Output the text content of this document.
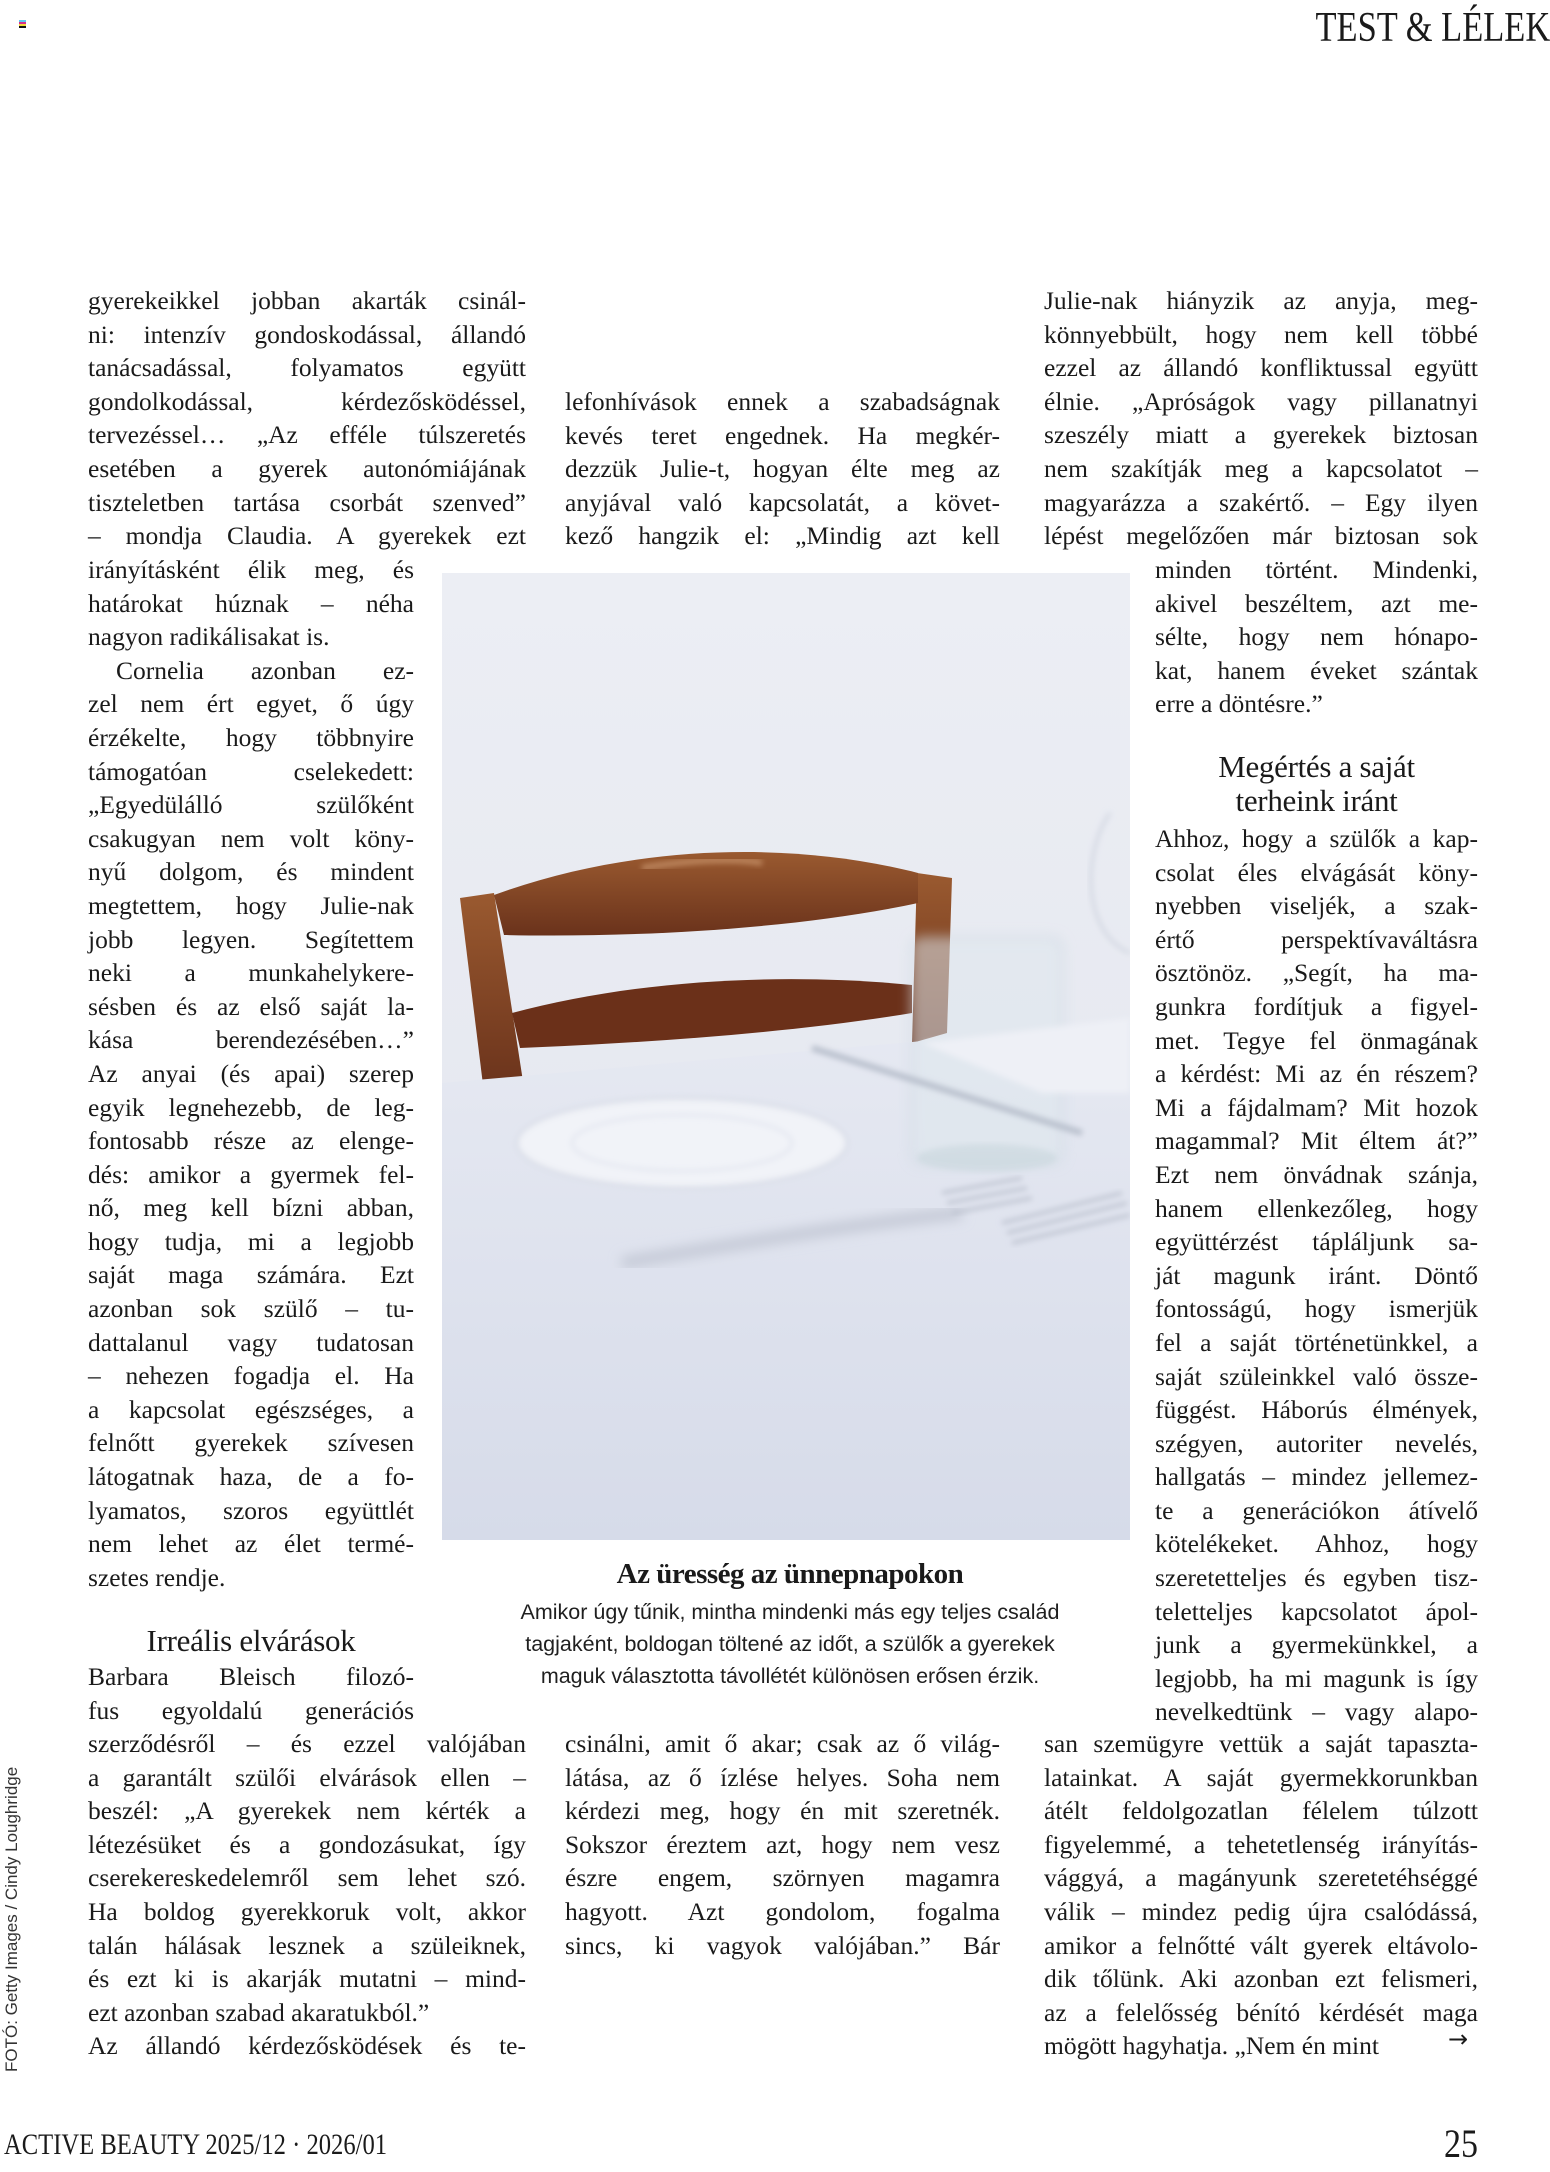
TEST & LÉLEK
gyerekeikkel jobban akarták csinál-
ni: intenzív gondoskodással, állandó
tanácsadással, folyamatos együtt
gondolkodással, kérdezősködéssel,
tervezéssel… „Az efféle túlszeretés
esetében a gyerek autonómiájának
tiszteletben tartása csorbát szenved”
– mondja Claudia. A gyerekek ezt
irányításként élik meg, és
határokat húznak – néha
nagyon radikálisakat is.
Cornelia azonban ez-
zel nem ért egyet, ő úgy
érzékelte, hogy többnyire
támogatóan cselekedett:
„Egyedülálló szülőként
csakugyan nem volt köny-
nyű dolgom, és mindent
megtettem, hogy Julie-nak
jobb legyen. Segítettem
neki a munkahelykere-
sésben és az első saját la-
kása berendezésében…”
Az anyai (és apai) szerep
egyik legnehezebb, de leg-
fontosabb része az elenge-
dés: amikor a gyermek fel-
nő, meg kell bízni abban,
hogy tudja, mi a legjobb
saját maga számára. Ezt
azonban sok szülő – tu-
dattalanul vagy tudatosan
– nehezen fogadja el. Ha
a kapcsolat egészséges, a
felnőtt gyerekek szívesen
látogatnak haza, de a fo-
lyamatos, szoros együttlét
nem lehet az élet termé-
szetes rendje.
Irreális elvárások
Barbara Bleisch filozó-
fus egyoldalú generációs
szerződésről – és ezzel valójában
a garantált szülői elvárások ellen –
beszél: „A gyerekek nem kérték a
létezésüket és a gondozásukat, így
cserekereskedelemről sem lehet szó.
Ha boldog gyerekkoruk volt, akkor
talán hálásak lesznek a szüleiknek,
és ezt ki is akarják mutatni – mind-
ezt azonban szabad akaratukból.”
Az állandó kérdezősködések és te-
lefonhívások ennek a szabadságnak
kevés teret engednek. Ha megkér-
dezzük Julie-t, hogyan élte meg az
anyjával való kapcsolatát, a követ-
kező hangzik el: „Mindig azt kell
Az üresség az ünnepnapokon
Amikor úgy tűnik, mintha mindenki más egy teljes család
tagjaként, boldogan töltené az időt, a szülők a gyerekek
maguk választotta távollétét különösen erősen érzik.
csinálni, amit ő akar; csak az ő világ-
látása, az ő ízlése helyes. Soha nem
kérdezi meg, hogy én mit szeretnék.
Sokszor éreztem azt, hogy nem vesz
észre engem, szörnyen magamra
hagyott. Azt gondolom, fogalma
sincs, ki vagyok valójában.” Bár
Julie-nak hiányzik az anyja, meg-
könnyebbült, hogy nem kell többé
ezzel az állandó konfliktussal együtt
élnie. „Apróságok vagy pillanatnyi
szeszély miatt a gyerekek biztosan
nem szakítják meg a kapcsolatot –
magyarázza a szakértő. – Egy ilyen
lépést megelőzően már biztosan sok
minden történt. Mindenki,
akivel beszéltem, azt me-
sélte, hogy nem hónapo-
kat, hanem éveket szántak
erre a döntésre.”
Megértés a saját
terheink iránt
Ahhoz, hogy a szülők a kap-
csolat éles elvágását köny-
nyebben viseljék, a szak-
értő perspektívaváltásra
ösztönöz. „Segít, ha ma-
gunkra fordítjuk a figyel-
met. Tegye fel önmagának
a kérdést: Mi az én részem?
Mi a fájdalmam? Mit hozok
magammal? Mit éltem át?”
Ezt nem önvádnak szánja,
hanem ellenkezőleg, hogy
együttérzést tápláljunk sa-
ját magunk iránt. Döntő
fontosságú, hogy ismerjük
fel a saját történetünkkel, a
saját szüleinkkel való össze-
függést. Háborús élmények,
szégyen, autoriter nevelés,
hallgatás – mindez jellemez-
te a generációkon átívelő
kötelékeket. Ahhoz, hogy
szeretetteljes és egyben tisz-
teletteljes kapcsolatot ápol-
junk a gyermekünkkel, a
legjobb, ha mi magunk is így
nevelkedtünk – vagy alapo-
san szemügyre vettük a saját tapaszta-
latainkat. A saját gyermekkorunkban
átélt feldolgozatlan félelem túlzott
figyelemmé, a tehetetlenség irányítás-
vággyá, a magányunk szeretetéhséggé
válik – mindez pedig újra csalódássá,
amikor a felnőtté vált gyerek eltávolo-
dik tőlünk. Aki azonban ezt felismeri,
az a felelősség bénító kérdését maga
mögött hagyhatja. „Nem én mint	→
FOTÓ: Getty Images / Cindy Loughridge
ACTIVE BEAUTY 2025/12 · 2026/01	25
